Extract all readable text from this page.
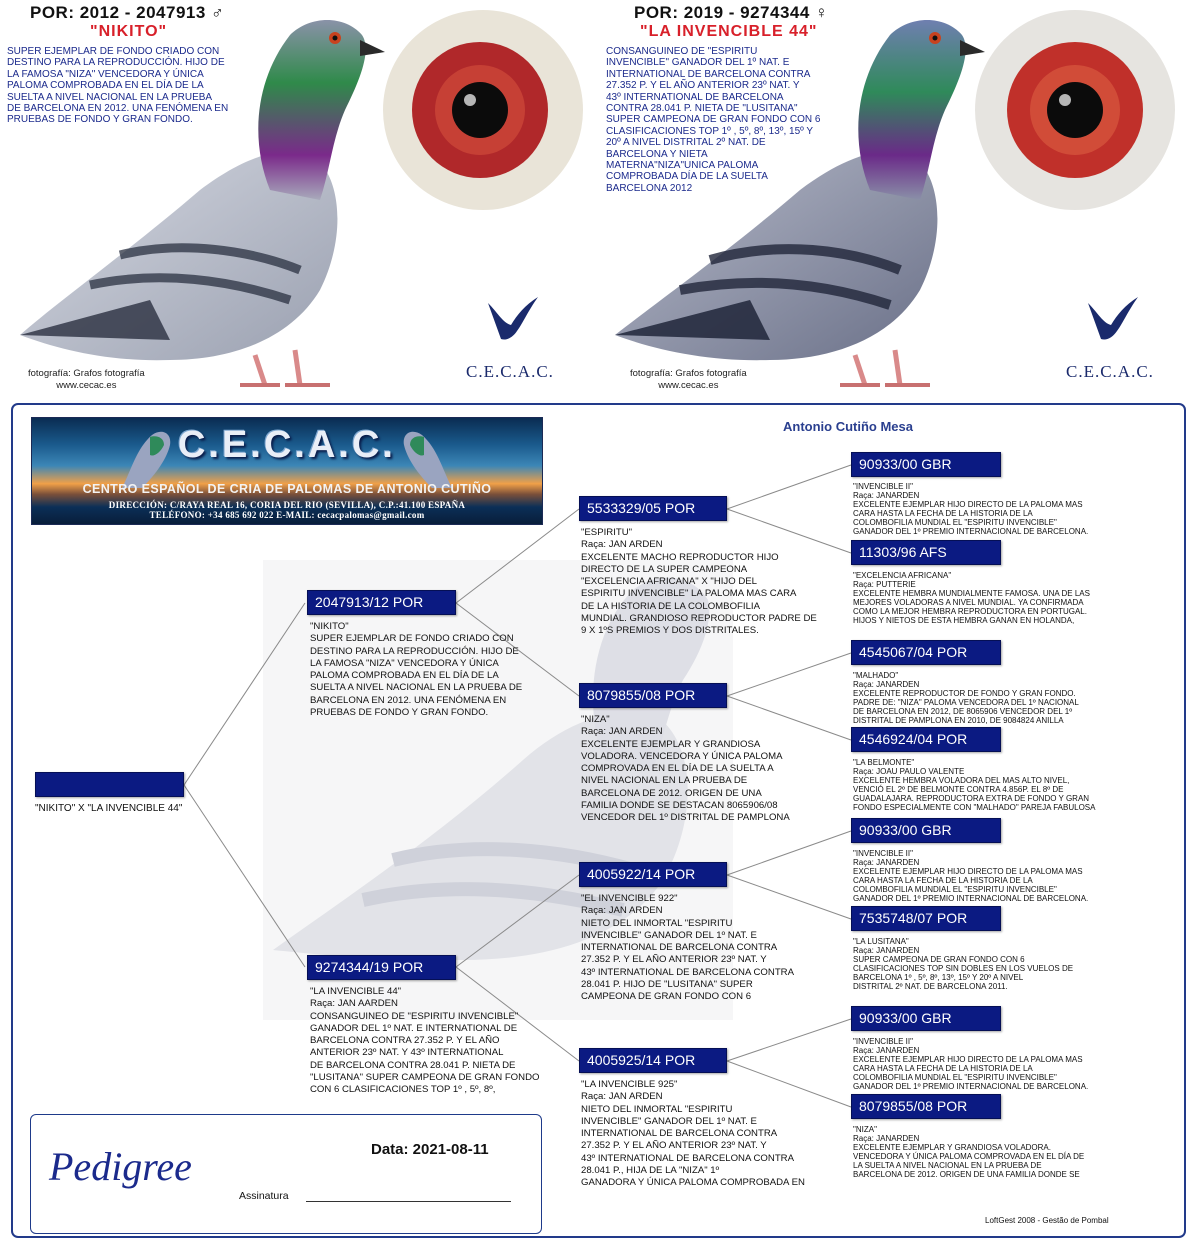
POR: 2012 - 2047913 ♂
"NIKITO"

SUPER EJEMPLAR DE FONDO CRIADO CON

DESTINO PARA LA REPRODUCCIÓN. HIJO DE

LA FAMOSA "NIZA" VENCEDORA Y ÚNICA

PALOMA COMPROBADA EN EL DÍA DE LA

SUELTA A NIVEL NACIONAL EN LA PRUEBA

DE BARCELONA EN 2012. UNA FENÓMENA EN

PRUEBAS DE FONDO Y GRAN FONDO.

fotografía: Grafos fotografía

www.cecac.es

C.E.C.A.C.
POR: 2019 - 9274344 ♀
"LA INVENCIBLE 44"

CONSANGUINEO DE "ESPIRITU

INVENCIBLE" GANADOR DEL 1º NAT. E

INTERNATIONAL DE BARCELONA CONTRA

27.352 P. Y EL AÑO ANTERIOR 23º NAT. Y

43º INTERNATIONAL DE BARCELONA

CONTRA 28.041 P. NIETA DE "LUSITANA"

SUPER CAMPEONA DE GRAN FONDO CON 6

CLASIFICACIONES TOP 1º , 5º, 8º, 13º, 15º Y

20º A NIVEL DISTRITAL 2º NAT. DE

BARCELONA Y NIETA

MATERNA"NIZA"UNICA PALOMA

COMPROBADA DÍA DE LA SUELTA

BARCELONA 2012

fotografía: Grafos fotografía

www.cecac.es

C.E.C.A.C.
C.E.C.A.C.
CENTRO ESPAÑOL DE CRIA DE PALOMAS DE ANTONIO CUTIÑO

DIRECCIÓN: C/RAYA REAL 16, CORIA DEL RIO (SEVILLA), C.P.:41.100 ESPAÑA

TELÉFONO: +34 685 692 022 E-MAIL: cecacpalomas@gmail.com

Antonio Cutiño Mesa
"NIKITO" X "LA INVENCIBLE 44"
2047913/12 POR

"NIKITO"

SUPER EJEMPLAR DE FONDO CRIADO CON

DESTINO PARA LA REPRODUCCIÓN. HIJO DE

LA FAMOSA "NIZA" VENCEDORA Y ÚNICA

PALOMA COMPROBADA EN EL DÍA DE LA

SUELTA A NIVEL NACIONAL EN LA PRUEBA DE

BARCELONA EN 2012. UNA FENÓMENA EN

PRUEBAS DE FONDO Y GRAN FONDO.

9274344/19 POR

"LA INVENCIBLE 44"

Raça: JAN AARDEN

CONSANGUINEO DE "ESPIRITU INVENCIBLE"

GANADOR DEL 1º NAT. E INTERNATIONAL DE

BARCELONA CONTRA 27.352 P. Y EL AÑO

ANTERIOR 23º NAT. Y 43º INTERNATIONAL

DE BARCELONA CONTRA 28.041 P. NIETA DE

"LUSITANA" SUPER CAMPEONA DE GRAN FONDO

CON 6 CLASIFICACIONES TOP 1º , 5º, 8º,

5533329/05 POR

"ESPIRITU"

Raça: JAN ARDEN

EXCELENTE MACHO REPRODUCTOR HIJO

DIRECTO DE LA SUPER CAMPEONA

"EXCELENCIA AFRICANA" X "HIJO DEL

ESPIRITU INVENCIBLE" LA PALOMA MAS CARA

DE LA HISTORIA DE LA COLOMBOFILIA

MUNDIAL. GRANDIOSO REPRODUCTOR PADRE DE

9 X 1ºS PREMIOS Y DOS DISTRITALES.

8079855/08 POR

"NIZA"

Raça: JAN ARDEN

EXCELENTE EJEMPLAR Y GRANDIOSA

VOLADORA. VENCEDORA Y ÚNICA PALOMA

COMPROVADA EN EL DÍA DE LA SUELTA A

NIVEL NACIONAL EN LA PRUEBA DE

BARCELONA DE 2012. ORIGEN DE UNA

FAMILIA DONDE SE DESTACAN 8065906/08

VENCEDOR DEL 1º DISTRITAL DE PAMPLONA

4005922/14 POR

"EL INVENCIBLE 922"

Raça: JAN ARDEN

NIETO DEL INMORTAL "ESPIRITU

INVENCIBLE" GANADOR DEL 1º NAT. E

INTERNATIONAL DE BARCELONA CONTRA

27.352 P. Y EL AÑO ANTERIOR 23º NAT. Y

43º INTERNATIONAL DE BARCELONA CONTRA

28.041 P. HIJO DE "LUSITANA" SUPER

CAMPEONA DE GRAN FONDO CON 6

4005925/14 POR

"LA INVENCIBLE 925"

Raça: JAN ARDEN

NIETO DEL INMORTAL "ESPIRITU

INVENCIBLE" GANADOR DEL 1º NAT. E

INTERNATIONAL DE BARCELONA CONTRA

27.352 P. Y EL AÑO ANTERIOR 23º NAT. Y

43º INTERNATIONAL DE BARCELONA CONTRA

28.041 P., HIJA DE LA "NIZA" 1º

GANADORA Y ÚNICA PALOMA COMPROBADA EN

90933/00 GBR

"INVENCIBLE II"

Raça: JANARDEN

EXCELENTE EJEMPLAR HIJO DIRECTO DE LA PALOMA MAS

CARA HASTA LA FECHA DE LA HISTORIA DE LA

COLOMBOFILIA MUNDIAL EL "ESPIRITU INVENCIBLE"

GANADOR DEL 1º PREMIO INTERNACIONAL DE BARCELONA.

11303/96 AFS

"EXCELENCIA AFRICANA"

Raça: PUTTERIE

EXCELENTE HEMBRA MUNDIALMENTE FAMOSA. UNA DE LAS

MEJORES VOLADORAS A NIVEL MUNDIAL. YA CONFIRMADA

COMO LA MEJOR HEMBRA REPRODUCTORA EN PORTUGAL.

HIJOS Y NIETOS DE ESTA HEMBRA GANAN EN HOLANDA,

4545067/04 POR

"MALHADO"

Raça: JANARDEN

EXCELENTE REPRODUCTOR DE FONDO Y GRAN FONDO.

PADRE DE: "NIZA" PALOMA VENCEDORA DEL 1º NACIONAL

DE BARCELONA EN 2012, DE 8065906 VENCEDOR DEL 1º

DISTRITAL DE PAMPLONA EN 2010, DE 9084824 ANILLA

4546924/04 POR

"LA BELMONTE"

Raça: JOAU PAULO VALENTE

EXCELENTE HEMBRA VOLADORA DEL MAS ALTO NIVEL,

VENCIÓ EL 2º DE BELMONTE CONTRA 4.856P. EL 8º DE

GUADALAJARA. REPRODUCTORA EXTRA DE FONDO Y GRAN

FONDO ESPECIALMENTE CON "MALHADO" PAREJA FABULOSA

90933/00 GBR

"INVENCIBLE II"

Raça: JANARDEN

EXCELENTE EJEMPLAR HIJO DIRECTO DE LA PALOMA MAS

CARA HASTA LA FECHA DE LA HISTORIA DE LA

COLOMBOFILIA MUNDIAL EL "ESPIRITU INVENCIBLE"

GANADOR DEL 1º PREMIO INTERNACIONAL DE BARCELONA.

7535748/07 POR

"LA LUSITANA"

Raça: JANARDEN

SUPER CAMPEONA DE GRAN FONDO CON 6

CLASIFICACIONES TOP SIN DOBLES EN LOS VUELOS DE

BARCELONA 1º , 5º, 8º, 13º, 15º Y 20º A NIVEL

DISTRITAL 2º NAT. DE BARCELONA 2011.

90933/00 GBR

"INVENCIBLE II"

Raça: JANARDEN

EXCELENTE EJEMPLAR HIJO DIRECTO DE LA PALOMA MAS

CARA HASTA LA FECHA DE LA HISTORIA DE LA

COLOMBOFILIA MUNDIAL EL "ESPIRITU INVENCIBLE"

GANADOR DEL 1º PREMIO INTERNACIONAL DE BARCELONA.

8079855/08 POR

"NIZA"

Raça: JANARDEN

EXCELENTE EJEMPLAR Y GRANDIOSA VOLADORA.

VENCEDORA Y ÚNICA PALOMA COMPROVADA EN EL DÍA DE

LA SUELTA A NIVEL NACIONAL EN LA PRUEBA DE

BARCELONA DE 2012. ORIGEN DE UNA FAMILIA DONDE SE

Pedigree	Data: 2021-08-11
Assinatura
LoftGest 2008 - Gestão de Pombal
